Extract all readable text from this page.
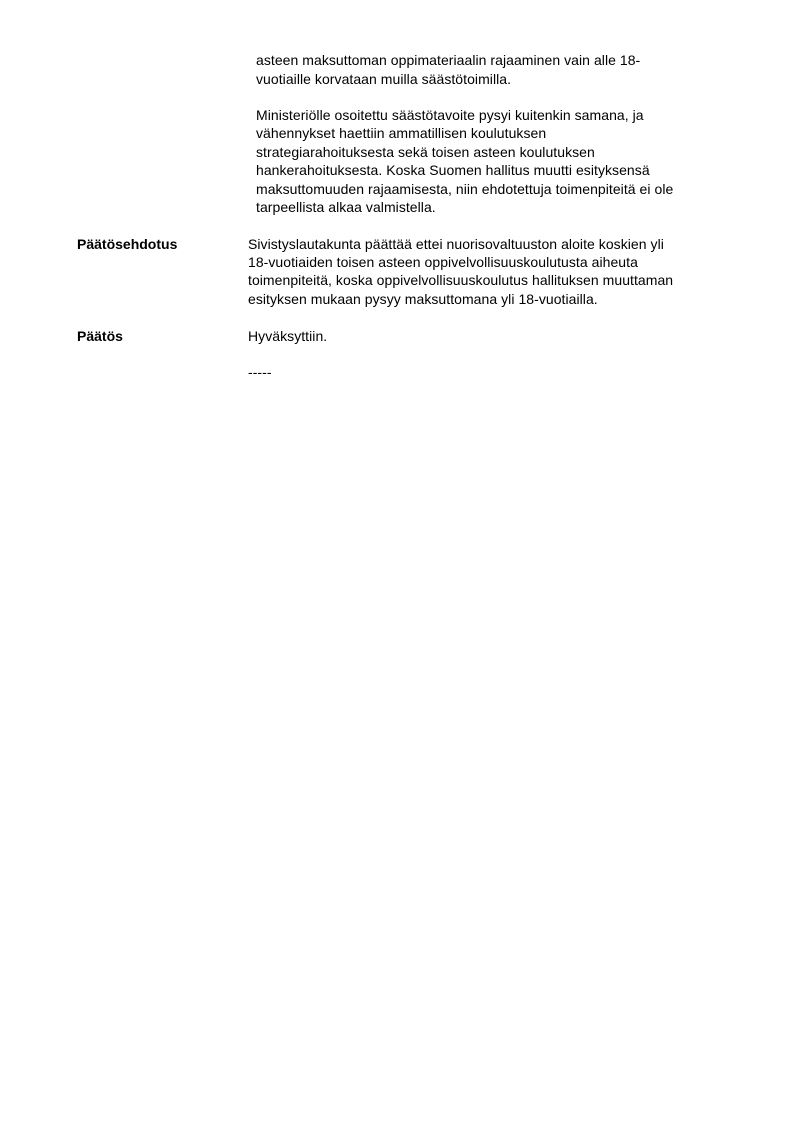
asteen maksuttoman oppimateriaalin rajaaminen vain alle 18-
vuotiaille korvataan muilla säästötoimilla.
Ministeriölle osoitettu säästötavoite pysyi kuitenkin samana, ja
vähennykset haettiin ammatillisen koulutuksen
strategiarahoituksesta sekä toisen asteen koulutuksen
hankerahoituksesta. Koska Suomen hallitus muutti esityksensä
maksuttomuuden rajaamisesta, niin ehdotettuja toimenpiteitä ei ole
tarpeellista alkaa valmistella.
Päätösehdotus	Sivistyslautakunta päättää ettei nuorisovaltuuston aloite koskien yli
18-vuotiaiden toisen asteen oppivelvollisuuskoulutusta aiheuta
toimenpiteitä, koska oppivelvollisuuskoulutus hallituksen muuttaman
esityksen mukaan pysyy maksuttomana yli 18-vuotiailla.
Päätös	Hyväksyttiin.
-----
